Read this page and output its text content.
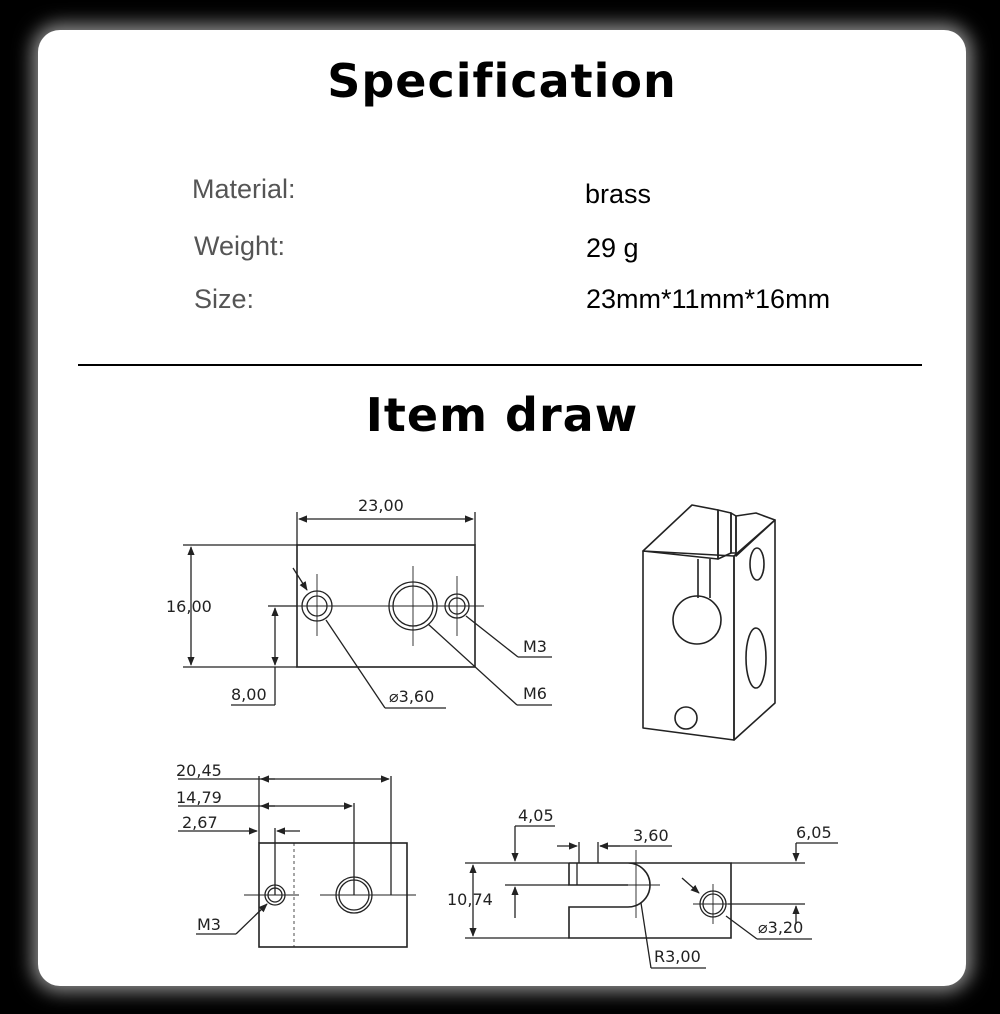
Specification
Material:	brass
Weight:	29 g
Size:	23mm*11mm*16mm
Item draw
23,00
16,00
8,00	⌀3,60	M6
M3
20,45
14,79
2,67
M3
4,05
3,60	6,05
10,74
R3,00
⌀3,20
